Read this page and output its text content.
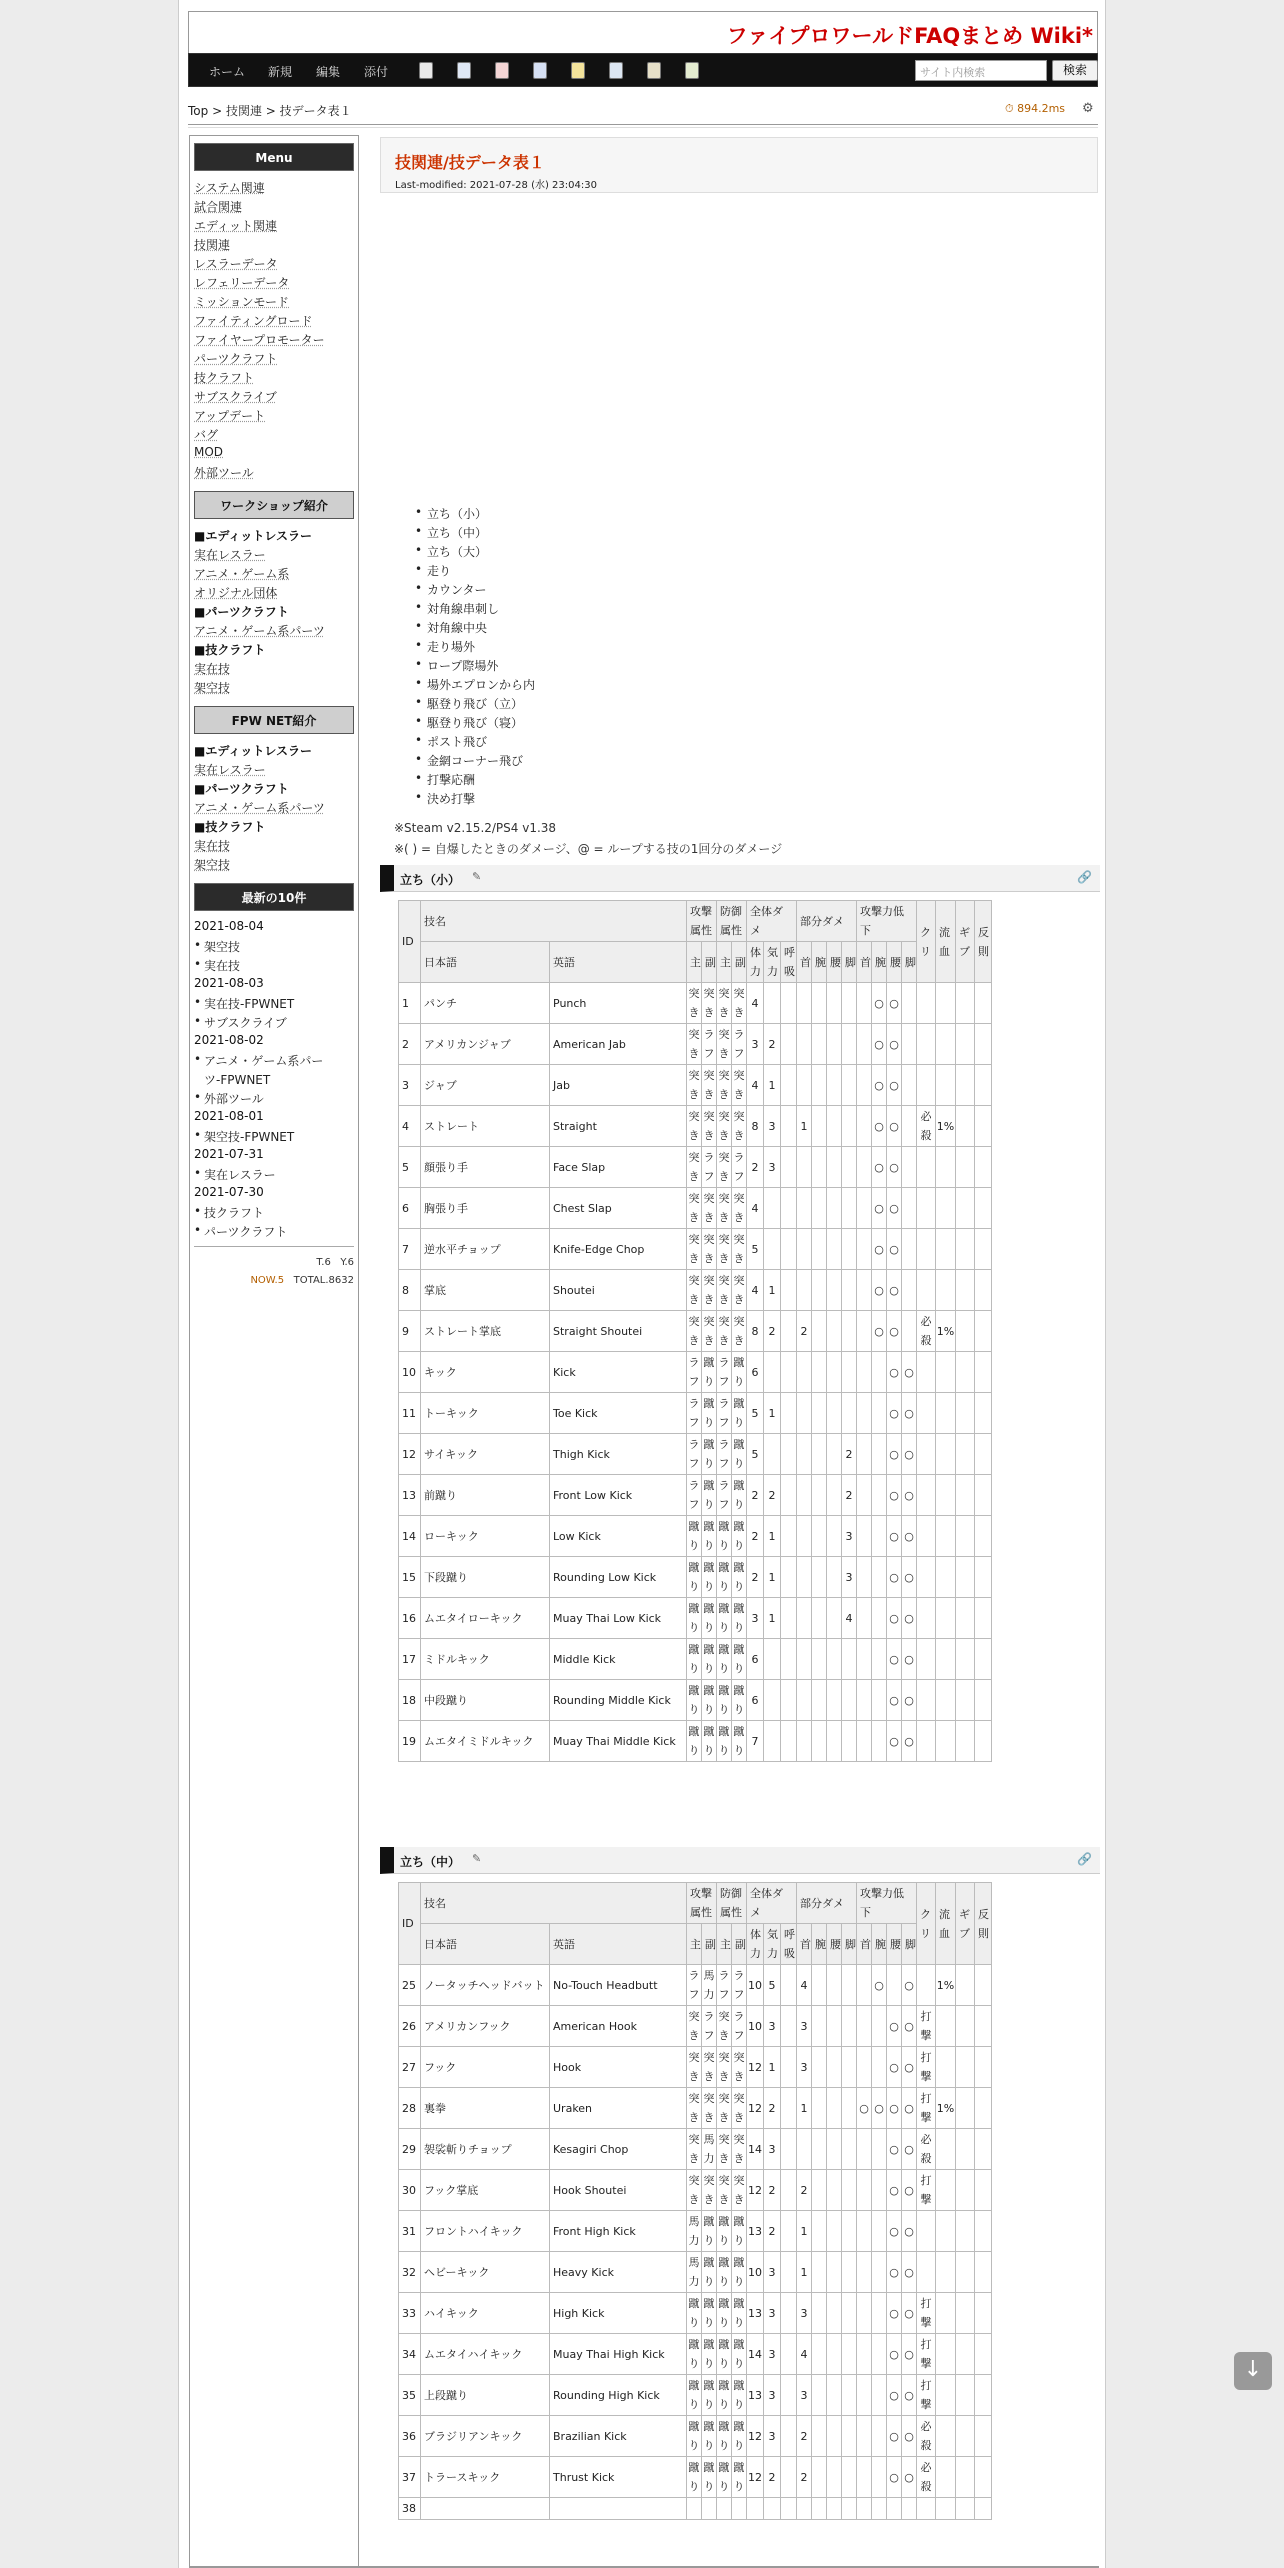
ファイプロワールドFAQまとめ Wiki*
ホーム 新規 編集 添付	サイト内検索	検索
Top > 技関連 > 技データ表１	⏱ 894.2ms ⚙
Menu
システム関連
試合関連
エディット関連
技関連
レスラーデータ
レフェリーデータ
ミッションモード
ファイティングロード
ファイヤープロモーター
パーツクラフト
技クラフト
サブスクライブ
アップデート
バグ
MOD
外部ツール
ワークショップ紹介
■エディットレスラー
実在レスラー
アニメ・ゲーム系
オリジナル団体
■パーツクラフト
アニメ・ゲーム系パーツ
■技クラフト
実在技
架空技
FPW NET紹介
■エディットレスラー
実在レスラー
■パーツクラフト
アニメ・ゲーム系パーツ
■技クラフト
実在技
架空技
最新の10件
2021-08-04
• 架空技
• 実在技
2021-08-03
• 実在技-FPWNET
• サブスクライブ
2021-08-02
• アニメ・ゲーム系パー
ツ-FPWNET
• 外部ツール
2021-08-01
• 架空技-FPWNET
2021-07-31
• 実在レスラー
2021-07-30
• 技クラフト
• パーツクラフト
T.6 Y.6
NOW.5 TOTAL.8632
技関連/技データ表１
Last-modified: 2021-07-28 (水) 23:04:30
• 立ち（小）
• 立ち（中）
• 立ち（大）
• 走り
• カウンター
• 対角線串刺し
• 対角線中央
• 走り場外
• ロープ際場外
• 場外エプロンから内
• 駆登り飛び（立）
• 駆登り飛び（寝）
• ポスト飛び
• 金網コーナー飛び
• 打撃応酬
• 決め打撃
※Steam v2.15.2/PS4 v1.38
※( ) = 自爆したときのダメージ、@ = ループする技の1回分のダメージ
立ち（小） ✎	🔗
ID	技名		攻撃属性		防御属性		全体ダメ			部分ダメ				攻撃力低下				クリ	流血	ギブ	反則
	日本語	英語	主	副	主	副	体力	気力	呼吸	首	腕	腰	脚	首	腕	腰	脚				
1	パンチ	Punch	突き	突き	突き	突き	4								○	○					
2	アメリカンジャブ	American Jab	突き	ラフ	突き	ラフ	3	2							○	○					
3	ジャブ	Jab	突き	突き	突き	突き	4	1							○	○					
4	ストレート	Straight	突き	突き	突き	突き	8	3		1					○	○		必殺	1%		
5	顔張り手	Face Slap	突き	ラフ	突き	ラフ	2	3							○	○					
6	胸張り手	Chest Slap	突き	突き	突き	突き	4								○	○					
7	逆水平チョップ	Knife-Edge Chop	突き	突き	突き	突き	5								○	○					
8	掌底	Shoutei	突き	突き	突き	突き	4	1							○	○					
9	ストレート掌底	Straight Shoutei	突き	突き	突き	突き	8	2		2					○	○		必殺	1%		
10	キック	Kick	ラフ	蹴り	ラフ	蹴り	6									○	○				
11	トーキック	Toe Kick	ラフ	蹴り	ラフ	蹴り	5	1								○	○				
12	サイキック	Thigh Kick	ラフ	蹴り	ラフ	蹴り	5						2			○	○				
13	前蹴り	Front Low Kick	ラフ	蹴り	ラフ	蹴り	2	2					2			○	○				
14	ローキック	Low Kick	蹴り	蹴り	蹴り	蹴り	2	1					3			○	○				
15	下段蹴り	Rounding Low Kick	蹴り	蹴り	蹴り	蹴り	2	1					3			○	○				
16	ムエタイローキック	Muay Thai Low Kick	蹴り	蹴り	蹴り	蹴り	3	1					4			○	○				
17	ミドルキック	Middle Kick	蹴り	蹴り	蹴り	蹴り	6									○	○				
18	中段蹴り	Rounding Middle Kick	蹴り	蹴り	蹴り	蹴り	6									○	○				
19	ムエタイミドルキック	Muay Thai Middle Kick	蹴り	蹴り	蹴り	蹴り	7									○	○				
立ち（中） ✎	🔗
ID	技名		攻撃属性		防御属性		全体ダメ			部分ダメ				攻撃力低下				クリ	流血	ギブ	反則
	日本語	英語	主	副	主	副	体力	気力	呼吸	首	腕	腰	脚	首	腕	腰	脚				
25	ノータッチヘッドバット	No-Touch Headbutt	ラフ	馬力	ラフ	ラフ	10	5		4					○		○		1%		
26	アメリカンフック	American Hook	突き	ラフ	突き	ラフ	10	3		3						○	○	打撃			
27	フック	Hook	突き	突き	突き	突き	12	1		3						○	○	打撃			
28	裏拳	Uraken	突き	突き	突き	突き	12	2		1				○	○	○	○	打撃	1%		
29	袈裟斬りチョップ	Kesagiri Chop	突き	馬力	突き	突き	14	3								○	○	必殺			
30	フック掌底	Hook Shoutei	突き	突き	突き	突き	12	2		2						○	○	打撃			
31	フロントハイキック	Front High Kick	馬力	蹴り	蹴り	蹴り	13	2		1						○	○				
32	ヘビーキック	Heavy Kick	馬力	蹴り	蹴り	蹴り	10	3		1						○	○				
33	ハイキック	High Kick	蹴り	蹴り	蹴り	蹴り	13	3		3						○	○	打撃			
34	ムエタイハイキック	Muay Thai High Kick	蹴り	蹴り	蹴り	蹴り	14	3		4						○	○	打撃			
35	上段蹴り	Rounding High Kick	蹴り	蹴り	蹴り	蹴り	13	3		3						○	○	打撃			
36	ブラジリアンキック	Brazilian Kick	蹴り	蹴り	蹴り	蹴り	12	3		2						○	○	必殺			
37	トラースキック	Thrust Kick	蹴り	蹴り	蹴り	蹴り	12	2		2						○	○	必殺			
38																					
↓
